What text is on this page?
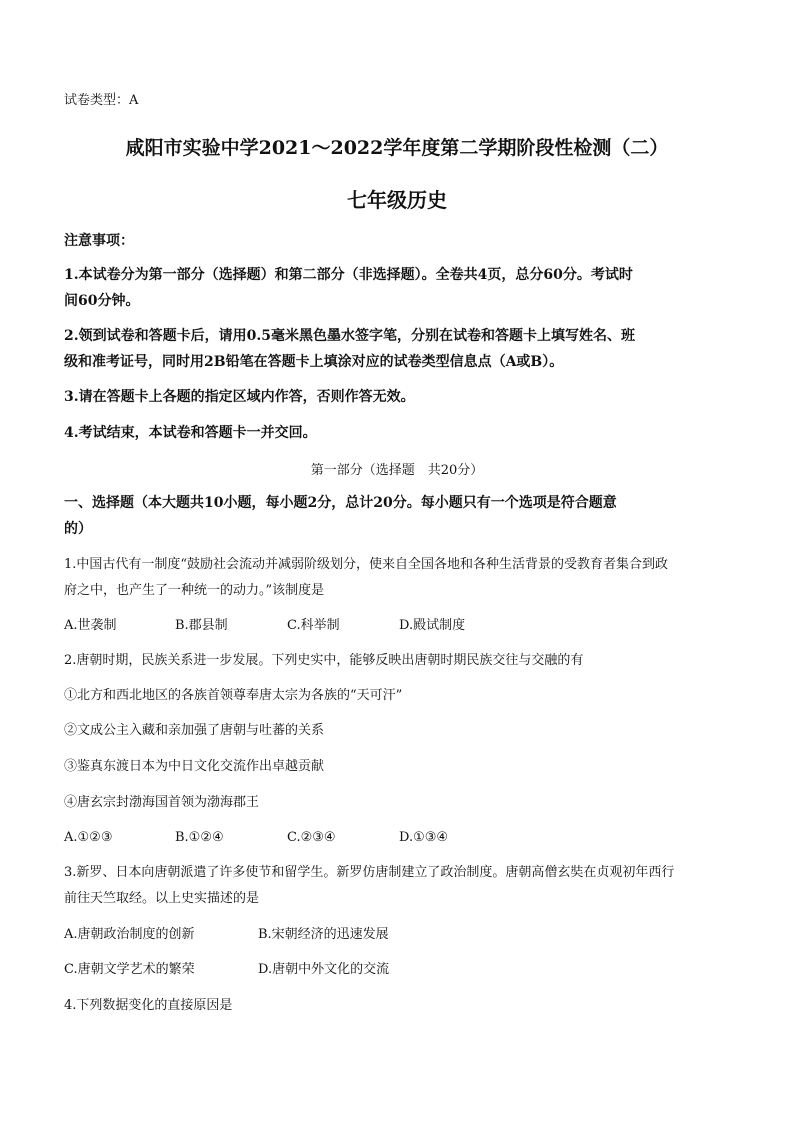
试卷类型：A
咸阳市实验中学2021～2022学年度第二学期阶段性检测（二）
七年级历史
注意事项：
1.本试卷分为第一部分（选择题）和第二部分（非选择题）。全卷共4页，总分60分。考试时
间60分钟。
2.领到试卷和答题卡后，请用0.5毫米黑色墨水签字笔，分别在试卷和答题卡上填写姓名、班
级和准考证号，同时用2B铅笔在答题卡上填涂对应的试卷类型信息点（A或B）。
3.请在答题卡上各题的指定区域内作答，否则作答无效。
4.考试结束，本试卷和答题卡一并交回。
第一部分（选择题　共20分）
一、选择题（本大题共10小题，每小题2分，总计20分。每小题只有一个选项是符合题意
的）
1.中国古代有一制度“鼓励社会流动并减弱阶级划分，使来自全国各地和各种生活背景的受教育者集合到政
府之中，也产生了一种统一的动力。”该制度是
A.世袭制	B.郡县制	C.科举制	D.殿试制度
2.唐朝时期，民族关系进一步发展。下列史实中，能够反映出唐朝时期民族交往与交融的有
①北方和西北地区的各族首领尊奉唐太宗为各族的“天可汗”
②文成公主入藏和亲加强了唐朝与吐蕃的关系
③鉴真东渡日本为中日文化交流作出卓越贡献
④唐玄宗封渤海国首领为渤海郡王
A.①②③	B.①②④	C.②③④	D.①③④
3.新罗、日本向唐朝派遣了许多使节和留学生。新罗仿唐制建立了政治制度。唐朝高僧玄奘在贞观初年西行
前往天竺取经。以上史实描述的是
A.唐朝政治制度的创新	B.宋朝经济的迅速发展
C.唐朝文学艺术的繁荣	D.唐朝中外文化的交流
4.下列数据变化的直接原因是
